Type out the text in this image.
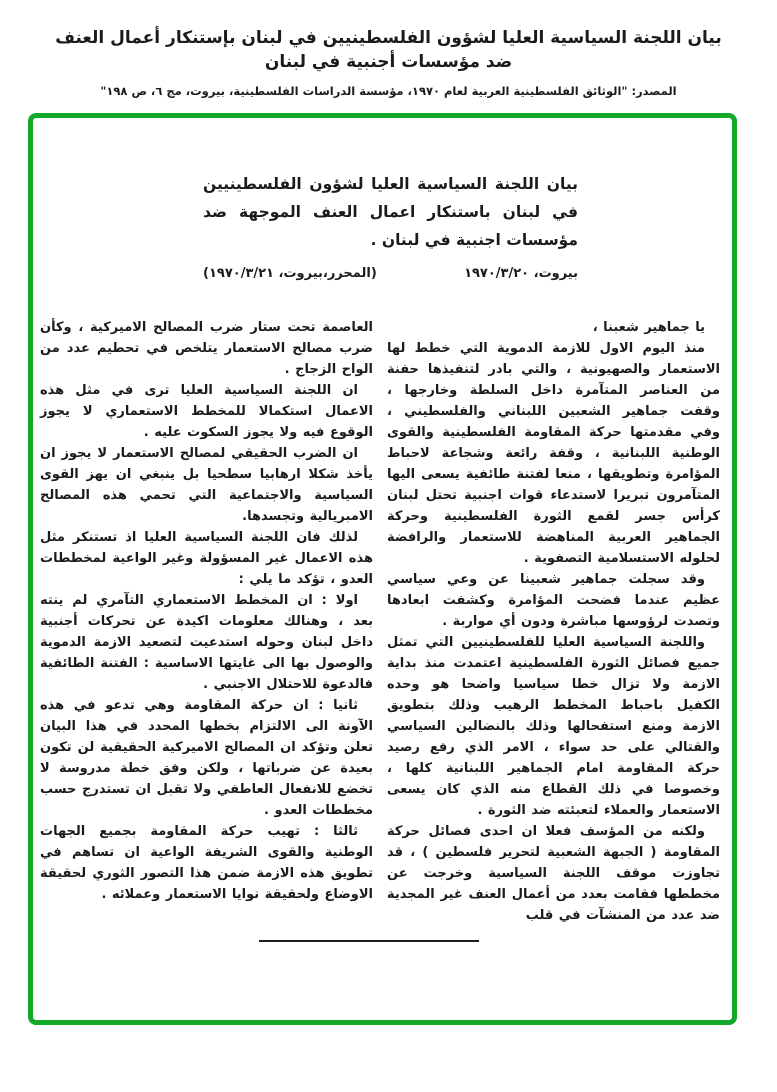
بيان اللجنة السياسية العليا لشؤون الفلسطينيين في لبنان بإستنكار أعمال العنف ضد مؤسسات أجنبية في لبنان
المصدر: "الوثائق الفلسطينية العربية لعام ١٩٧٠، مؤسسة الدراسات الفلسطينية، بيروت، مج ٦، ص ١٩٨"
بيان اللجنة السياسية العليا لشؤون الفلسطينيين في لبنان باستنكار اعمال العنف الموجهة ضد مؤسسات اجنبية في لبنان .
بيروت، ١٩٧٠/٣/٢٠
(المحرر،بيروت، ١٩٧٠/٣/٢١)

يا جماهير شعبنا ،

منذ اليوم الاول للازمة الدموية التي خطط لها الاستعمار والصهيونية ، والتي بادر لتنفيذها حفنة من العناصر المتآمرة داخل السلطة وخارجها ، وقفت جماهير الشعبين اللبناني والفلسطيني ، وفي مقدمتها حركة المقاومة الفلسطينية والقوى الوطنية اللبنانية ، وقفة رائعة وشجاعة لاحباط المؤامرة وتطويقها ، منعا لفتنة طائفية يسعى اليها المتآمرون تبريرا لاستدعاء قوات اجنبية تحتل لبنان كرأس جسر لقمع الثورة الفلسطينية وحركة الجماهير العربية المناهضة للاستعمار والرافضة لحلوله الاستسلامية التصفوية .

وقد سجلت جماهير شعبينا عن وعي سياسي عظيم عندما فضحت المؤامرة وكشفت ابعادها وتصدت لرؤوسها مباشرة ودون أي مواربة .

واللجنة السياسية العليا للفلسطينيين التي تمثل جميع فصائل الثورة الفلسطينية اعتمدت منذ بداية الازمة ولا تزال خطا سياسيا واضحا هو وحده الكفيل باحباط المخطط الرهيب وذلك بتطويق الازمة ومنع استفحالها وذلك بالنضالين السياسي والقتالي على حد سواء ، الامر الذي رفع رصيد حركة المقاومة امام الجماهير اللبنانية كلها ، وخصوصا في ذلك القطاع منه الذي كان يسعى الاستعمار والعملاء لتعبئته ضد الثورة .

ولكنه من المؤسف فعلا ان احدى فصائل حركة المقاومة ( الجبهة الشعبية لتحرير فلسطين ) ، قد تجاوزت موقف اللجنة السياسية وخرجت عن مخططها فقامت بعدد من أعمال العنف غير المجدية ضد عدد من المنشآت في قلب

العاصمة تحت ستار ضرب المصالح الاميركية ، وكأن ضرب مصالح الاستعمار يتلخص في تحطيم عدد من الواح الزجاج .

ان اللجنة السياسية العليا ترى في مثل هذه الاعمال استكمالا للمخطط الاستعماري لا يجوز الوقوع فيه ولا يجوز السكوت عليه .

ان الضرب الحقيقي لمصالح الاستعمار لا يجوز ان يأخذ شكلا ارهابيا سطحيا بل ينبغي ان يهز القوى السياسية والاجتماعية التي تحمي هذه المصالح الامبريالية وتجسدها.

لذلك فان اللجنة السياسية العليا اذ تستنكر مثل هذه الاعمال غير المسؤولة وغير الواعية لمخططات العدو ، تؤكد ما يلي :

اولا : ان المخطط الاستعماري التآمري لم ينته بعد ، وهنالك معلومات اكيدة عن تحركات أجنبية داخل لبنان وحوله استدعيت لتصعيد الازمة الدموية والوصول بها الى غايتها الاساسية : الفتنة الطائفية فالدعوة للاحتلال الاجنبي .

ثانيا : ان حركة المقاومة وهي تدعو في هذه الآونة الى الالتزام بخطها المحدد في هذا البيان تعلن وتؤكد ان المصالح الاميركية الحقيقية لن تكون بعيدة عن ضرباتها ، ولكن وفق خطة مدروسة لا تخضع للانفعال العاطفي ولا تقبل ان تستدرج حسب مخططات العدو .

ثالثا : تهيب حركة المقاومة بجميع الجهات الوطنية والقوى الشريفة الواعية ان تساهم في تطويق هذه الازمة ضمن هذا التصور الثوري لحقيقة الاوضاع ولحقيقة نوايا الاستعمار وعملائه .
